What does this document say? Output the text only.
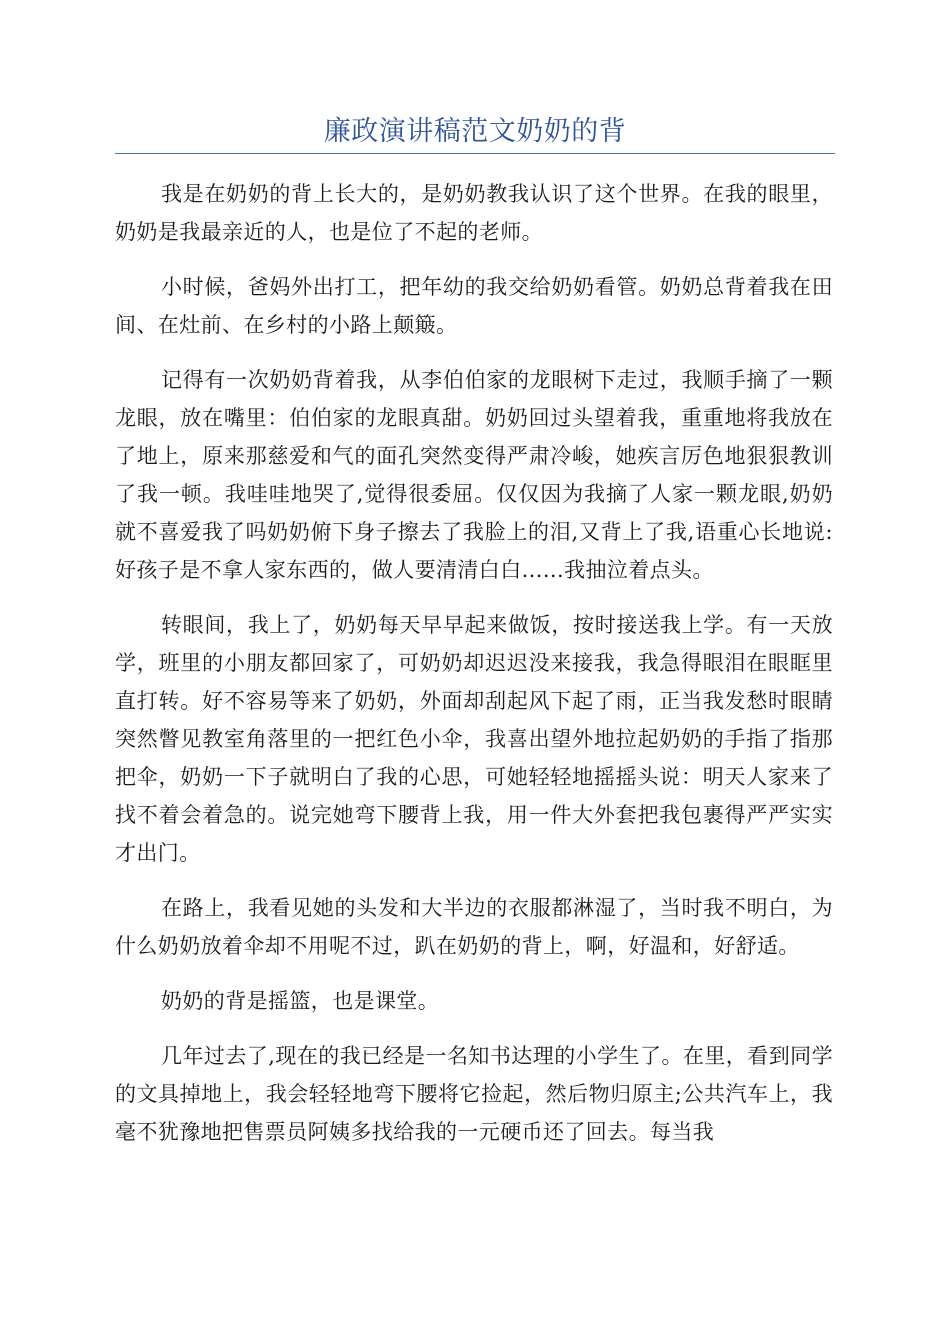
廉政演讲稿范文奶奶的背

我是在奶奶的背上长大的，是奶奶教我认识了这个世界。在我的眼里，奶奶是我最亲近的人，也是位了不起的老师。

小时候，爸妈外出打工，把年幼的我交给奶奶看管。奶奶总背着我在田间、在灶前、在乡村的小路上颠簸。

记得有一次奶奶背着我，从李伯伯家的龙眼树下走过，我顺手摘了一颗龙眼，放在嘴里：伯伯家的龙眼真甜。奶奶回过头望着我，重重地将我放在了地上，原来那慈爱和气的面孔突然变得严肃冷峻，她疾言厉色地狠狠教训了我一顿。我哇哇地哭了,觉得很委屈。仅仅因为我摘了人家一颗龙眼,奶奶就不喜爱我了吗奶奶俯下身子擦去了我脸上的泪,又背上了我,语重心长地说:好孩子是不拿人家东西的，做人要清清白白......我抽泣着点头。

转眼间，我上了，奶奶每天早早起来做饭，按时接送我上学。有一天放学，班里的小朋友都回家了，可奶奶却迟迟没来接我，我急得眼泪在眼眶里直打转。好不容易等来了奶奶，外面却刮起风下起了雨，正当我发愁时眼睛突然瞥见教室角落里的一把红色小伞，我喜出望外地拉起奶奶的手指了指那把伞，奶奶一下子就明白了我的心思，可她轻轻地摇摇头说：明天人家来了找不着会着急的。说完她弯下腰背上我，用一件大外套把我包裹得严严实实才出门。

在路上，我看见她的头发和大半边的衣服都淋湿了，当时我不明白，为什么奶奶放着伞却不用呢不过，趴在奶奶的背上，啊，好温和，好舒适。

奶奶的背是摇篮，也是课堂。

几年过去了,现在的我已经是一名知书达理的小学生了。在里，看到同学的文具掉地上，我会轻轻地弯下腰将它捡起，然后物归原主;公共汽车上，我毫不犹豫地把售票员阿姨多找给我的一元硬币还了回去。每当我
